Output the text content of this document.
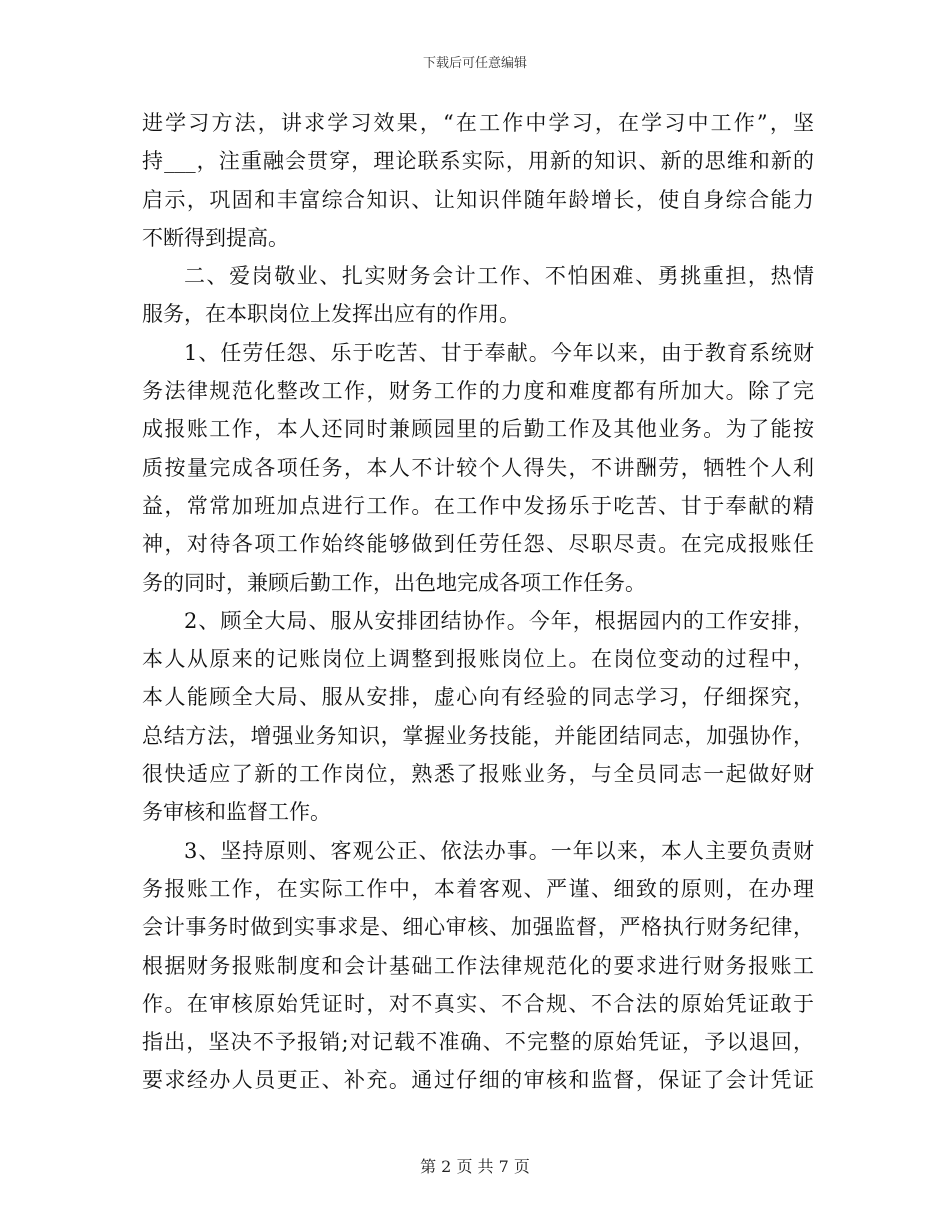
下载后可任意编辑
进学习方法，讲求学习效果，“在工作中学习，在学习中工作”，坚
持___，注重融会贯穿，理论联系实际，用新的知识、新的思维和新的
启示，巩固和丰富综合知识、让知识伴随年龄增长，使自身综合能力
不断得到提高。
二、爱岗敬业、扎实财务会计工作、不怕困难、勇挑重担，热情
服务，在本职岗位上发挥出应有的作用。
1、任劳任怨、乐于吃苦、甘于奉献。今年以来，由于教育系统财
务法律规范化整改工作，财务工作的力度和难度都有所加大。除了完
成报账工作，本人还同时兼顾园里的后勤工作及其他业务。为了能按
质按量完成各项任务，本人不计较个人得失，不讲酬劳，牺牲个人利
益，常常加班加点进行工作。在工作中发扬乐于吃苦、甘于奉献的精
神，对待各项工作始终能够做到任劳任怨、尽职尽责。在完成报账任
务的同时，兼顾后勤工作，出色地完成各项工作任务。
2、顾全大局、服从安排团结协作。今年，根据园内的工作安排，
本人从原来的记账岗位上调整到报账岗位上。在岗位变动的过程中，
本人能顾全大局、服从安排，虚心向有经验的同志学习，仔细探究，
总结方法，增强业务知识，掌握业务技能，并能团结同志，加强协作，
很快适应了新的工作岗位，熟悉了报账业务，与全员同志一起做好财
务审核和监督工作。
3、坚持原则、客观公正、依法办事。一年以来，本人主要负责财
务报账工作，在实际工作中，本着客观、严谨、细致的原则，在办理
会计事务时做到实事求是、细心审核、加强监督，严格执行财务纪律，
根据财务报账制度和会计基础工作法律规范化的要求进行财务报账工
作。在审核原始凭证时，对不真实、不合规、不合法的原始凭证敢于
指出，坚决不予报销;对记载不准确、不完整的原始凭证，予以退回，
要求经办人员更正、补充。通过仔细的审核和监督，保证了会计凭证
第 2 页 共 7 页
